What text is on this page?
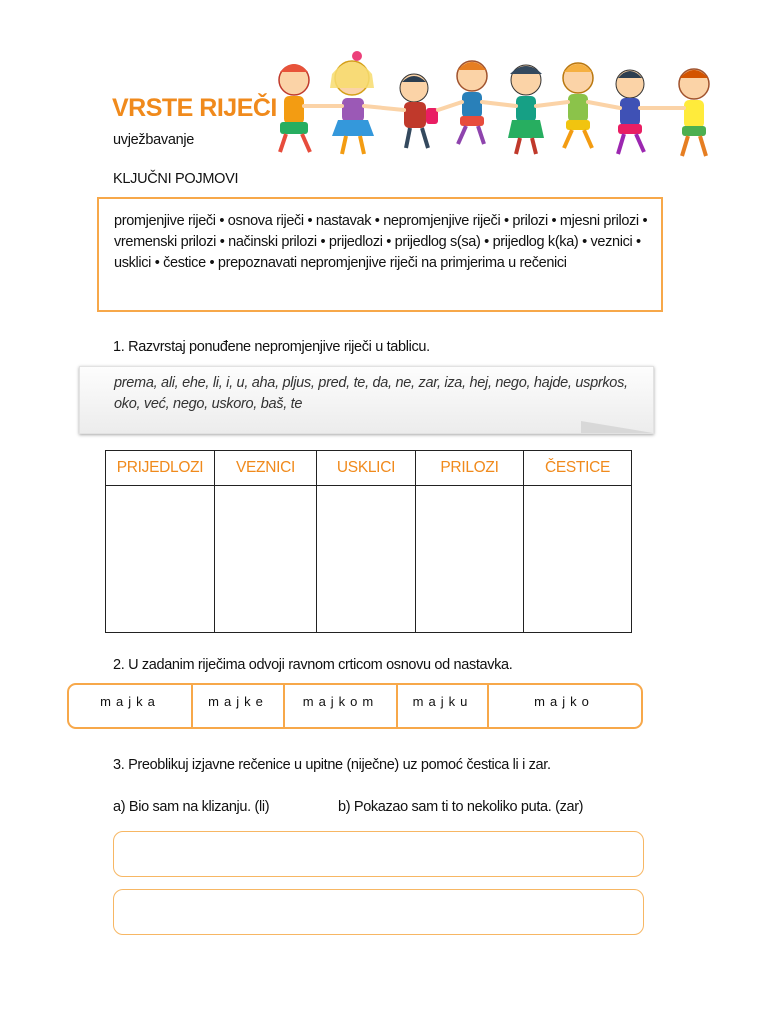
VRSTE RIJEČI
uvježbavanje
KLJUČNI POJMOVI
promjenjive riječi • osnova riječi • nastavak • nepromjenjive riječi • prilozi • mjesni prilozi • vremenski prilozi • načinski prilozi • prijedlozi • prijedlog s(sa) • prijedlog k(ka) • veznici • usklici • čestice • prepoznavati nepromjenjive riječi na primjerima u rečenici
1. Razvrstaj ponuđene nepromjenjive riječi u tablicu.
prema, ali, ehe, li, i, u, aha, pljus, pred, te, da, ne, zar, iza, hej, nego, hajde, usprkos, oko, već, nego, uskoro, baš, te
PRIJEDLOZI	VEZNICI	USKLICI	PRILOZI	ČESTICE

2. U zadanim riječima odvoji ravnom crticom osnovu od nastavka.
majka	majke	majkom	majku	majko
3. Preoblikuj izjavne rečenice u upitne (niječne) uz pomoć čestica li i zar.
a) Bio sam na klizanju. (li)	b) Pokazao sam ti to nekoliko puta. (zar)
